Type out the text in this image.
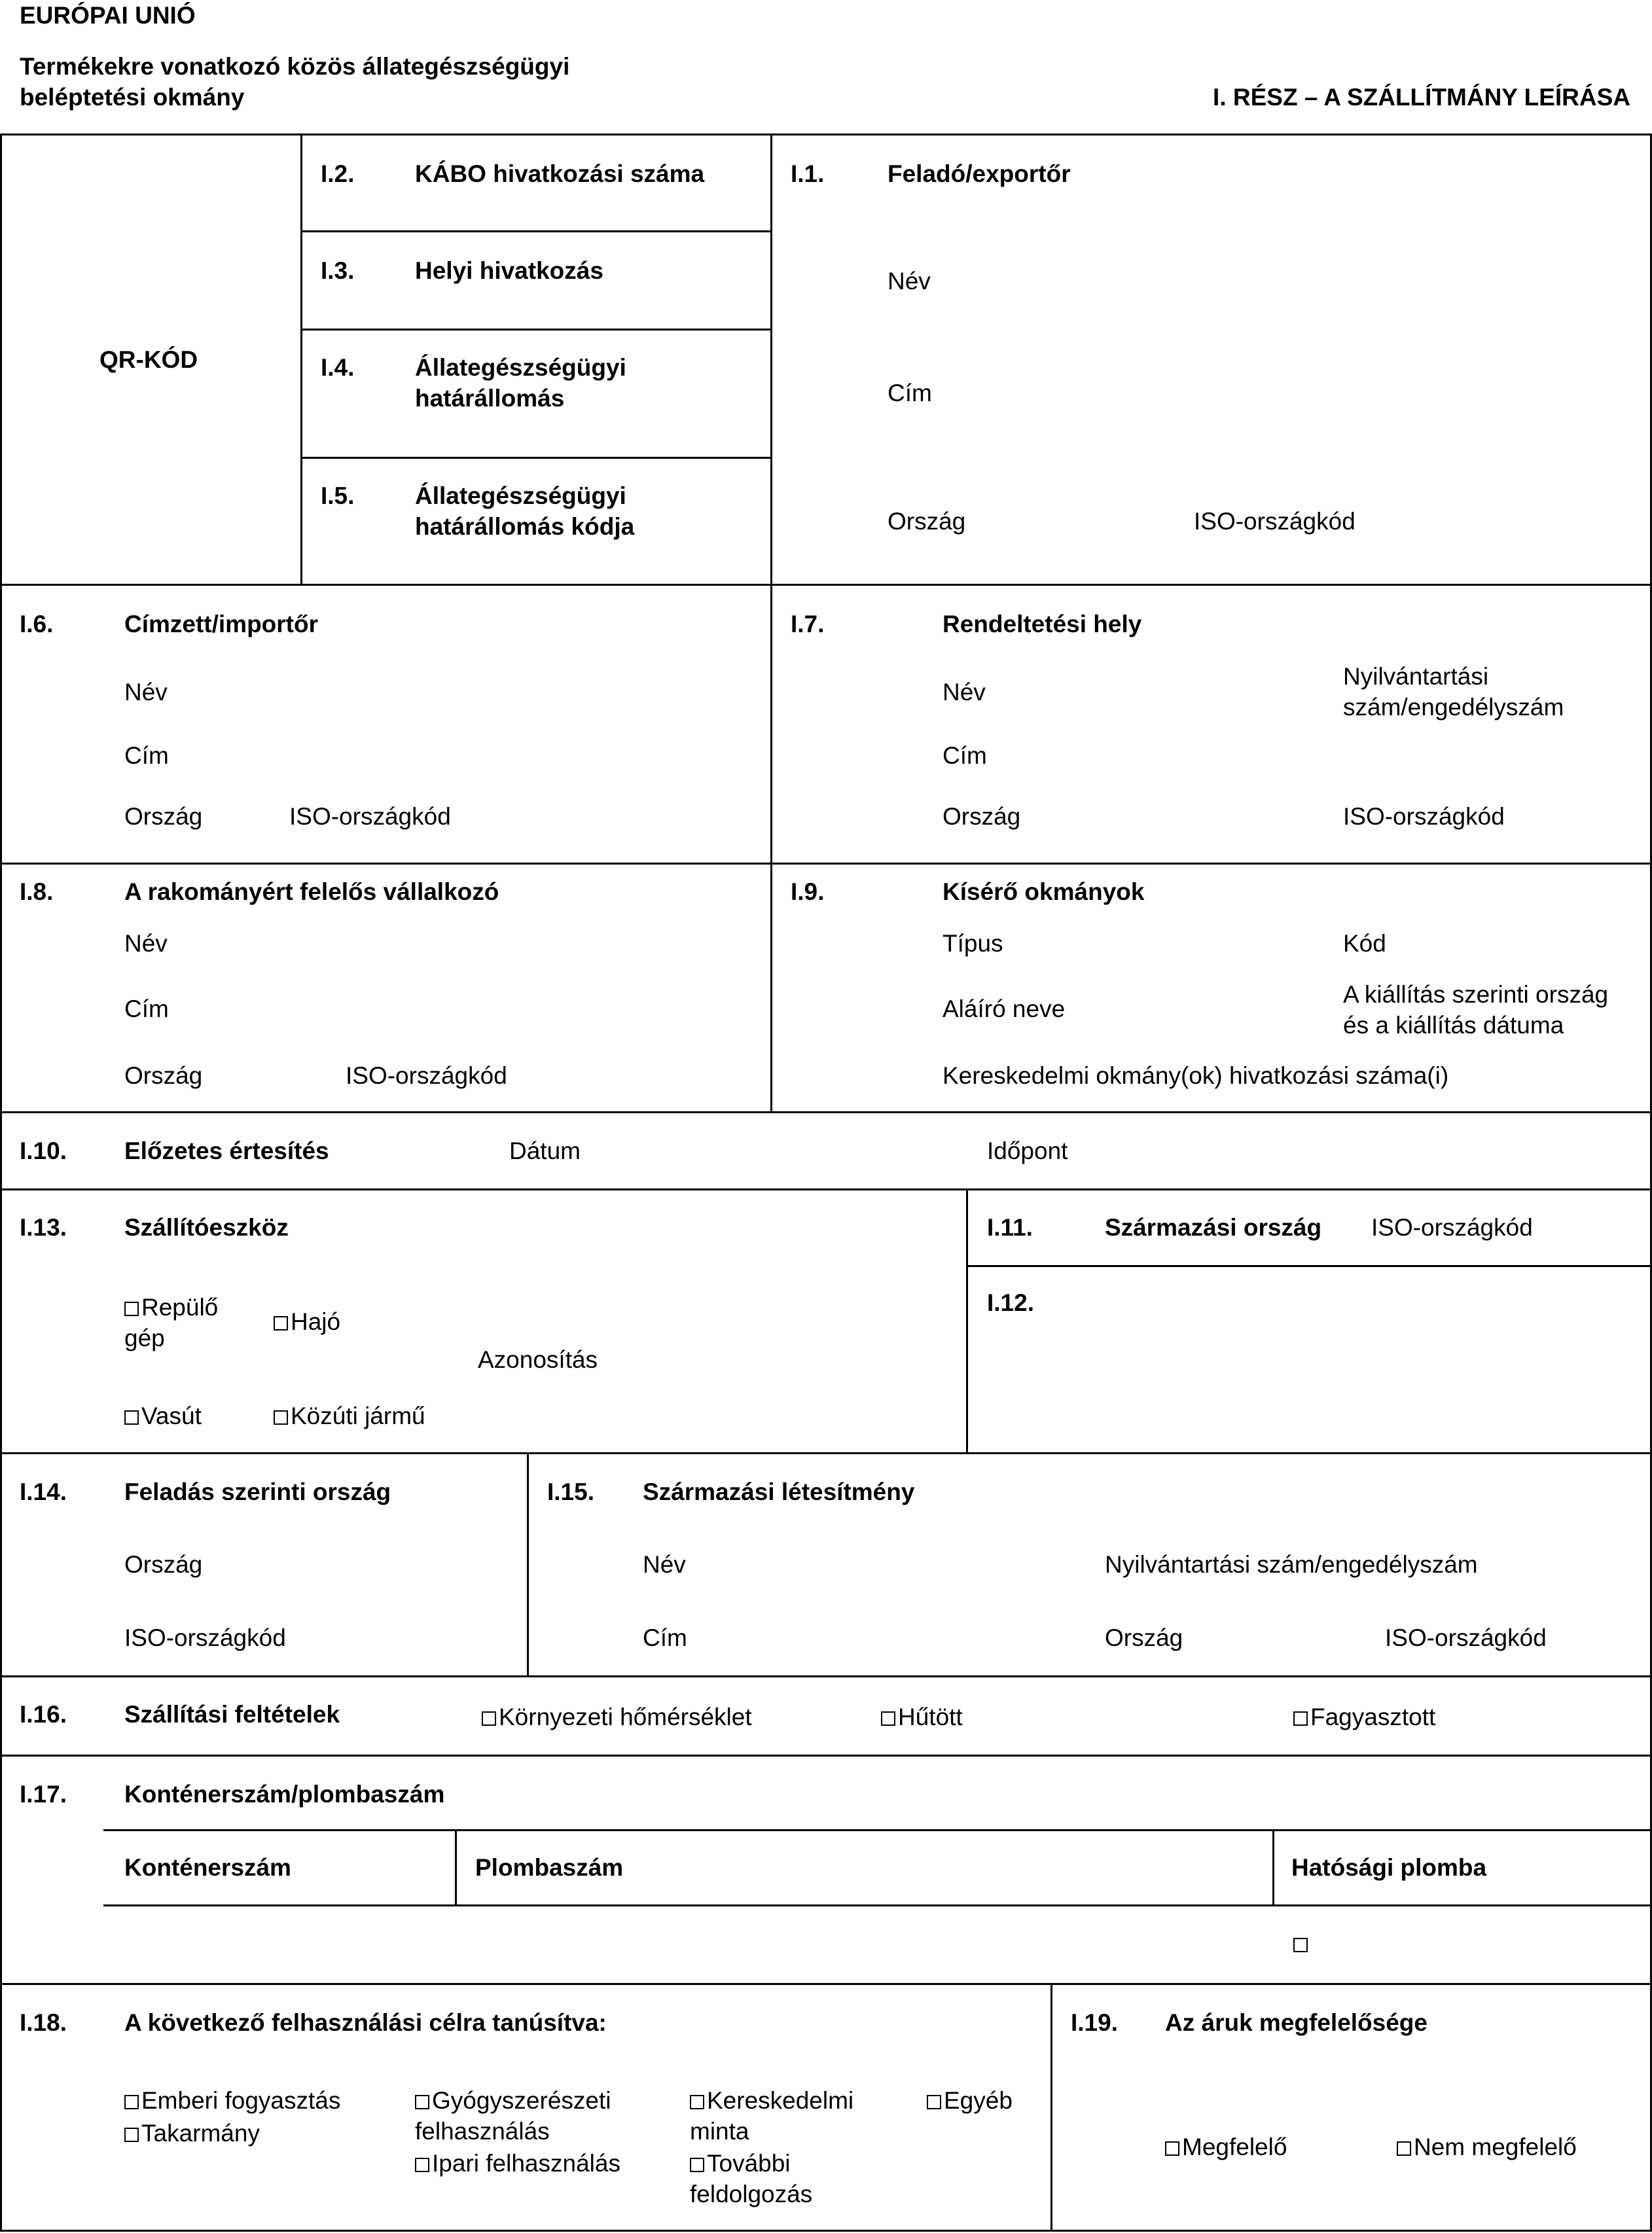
EURÓPAI UNIÓ
Termékekre vonatkozó közös állategészségügyi
beléptetési okmány	I. RÉSZ – A SZÁLLÍTMÁNY LEÍRÁSA
QR-KÓD
I.2.	KÁBO hivatkozási száma
I.3.	Helyi hivatkozás
I.4.	Állategészségügyi
határállomás
I.5.	Állategészségügyi
határállomás kódja
I.1.	Feladó/exportőr
Név
Cím
Ország	ISO-országkód
I.6.	Címzett/importőr
Név
Cím
Ország	ISO-országkód
I.7.	Rendeltetési hely
Név
Nyilvántartási
szám/engedélyszám
Cím
Ország	ISO-országkód
I.8.	A rakományért felelős vállalkozó
Név
Cím
Ország	ISO-országkód
I.9.	Kísérő okmányok
Típus	Kód
Aláíró neve
A kiállítás szerinti ország
és a kiállítás dátuma
Kereskedelmi okmány(ok) hivatkozási száma(i)
I.10. Előzetes értesítés	Dátum	Időpont
I.13. Szállítóeszköz
Repülő
gép
Hajó
Azonosítás
Vasút	Közúti jármű
I.11.	Származási ország ISO-országkód
I.12.
I.14. Feladás szerinti ország
Ország
ISO-országkód
I.15. Származási létesítmény
Név	Nyilvántartási szám/engedélyszám
Cím	Ország	ISO-országkód
I.16. Szállítási feltételek	Környezeti hőmérséklet	Hűtött	Fagyasztott
I.17. Konténerszám/plombaszám
Konténerszám	Plombaszám	Hatósági plomba
I.18. A következő felhasználási célra tanúsítva:
Emberi fogyasztás
Takarmány
Gyógyszerészeti
felhasználás
Ipari felhasználás
Kereskedelmi
minta
További
feldolgozás
Egyéb
I.19. Az áruk megfelelősége
Megfelelő	Nem megfelelő
